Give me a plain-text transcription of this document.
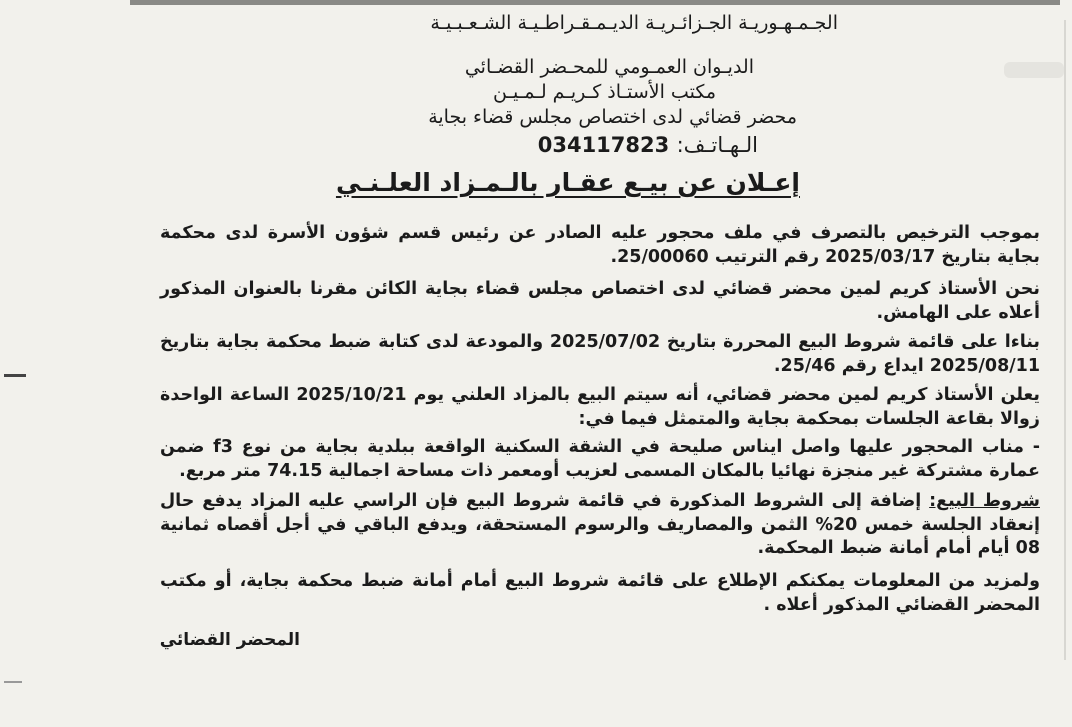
الجـمـهـوريـة الجـزائـريـة الديـمـقـراطـيـة الشـعـبـيـة
الديـوان العمـومي للمحـضر القضـائي
مكتب الأستـاذ كـريـم لـمـيـن
محضر قضائي لدى اختصاص مجلس قضاء بجاية
الـهـاتـف: 034117823
إعـلان عن بيـع عقـار بالـمـزاد العلـنـي
بموجب الترخيص بالتصرف في ملف محجور عليه الصادر عن رئيس قسم شؤون الأسرة لدى محكمة بجاية بتاريخ 2025/03/17 رقم الترتيب 25/00060.
نحن الأستاذ كريم لمين محضر قضائي لدى اختصاص مجلس قضاء بجاية الكائن مقرنا بالعنوان المذكور أعلاه على الهامش.
بناءا على قائمة شروط البيع المحررة بتاريخ 2025/07/02 والمودعة لدى كتابة ضبط محكمة بجاية بتاريخ 2025/08/11 ايداع رقم 25/46.
يعلن الأستاذ كريم لمين محضر قضائي، أنه سيتم البيع بالمزاد العلني يوم 2025/10/21 الساعة الواحدة زوالا بقاعة الجلسات بمحكمة بجاية والمتمثل فيما في:
- مناب المحجور عليها واصل ايناس صليحة في الشقة السكنية الواقعة ببلدية بجاية من نوع f3 ضمن عمارة مشتركة غير منجزة نهائيا بالمكان المسمى لعزيب أومعمر ذات مساحة اجمالية 74.15 متر مربع.
شروط البيع: إضافة إلى الشروط المذكورة في قائمة شروط البيع فإن الراسي عليه المزاد يدفع حال إنعقاد الجلسة خمس 20% الثمن والمصاريف والرسوم المستحقة، ويدفع الباقي في أجل أقصاه ثمانية 08 أيام أمام أمانة ضبط المحكمة.
ولمزيد من المعلومات يمكنكم الإطلاع على قائمة شروط البيع أمام أمانة ضبط محكمة بجاية، أو مكتب المحضر القضائي المذكور أعلاه .
المحضر القضائي
